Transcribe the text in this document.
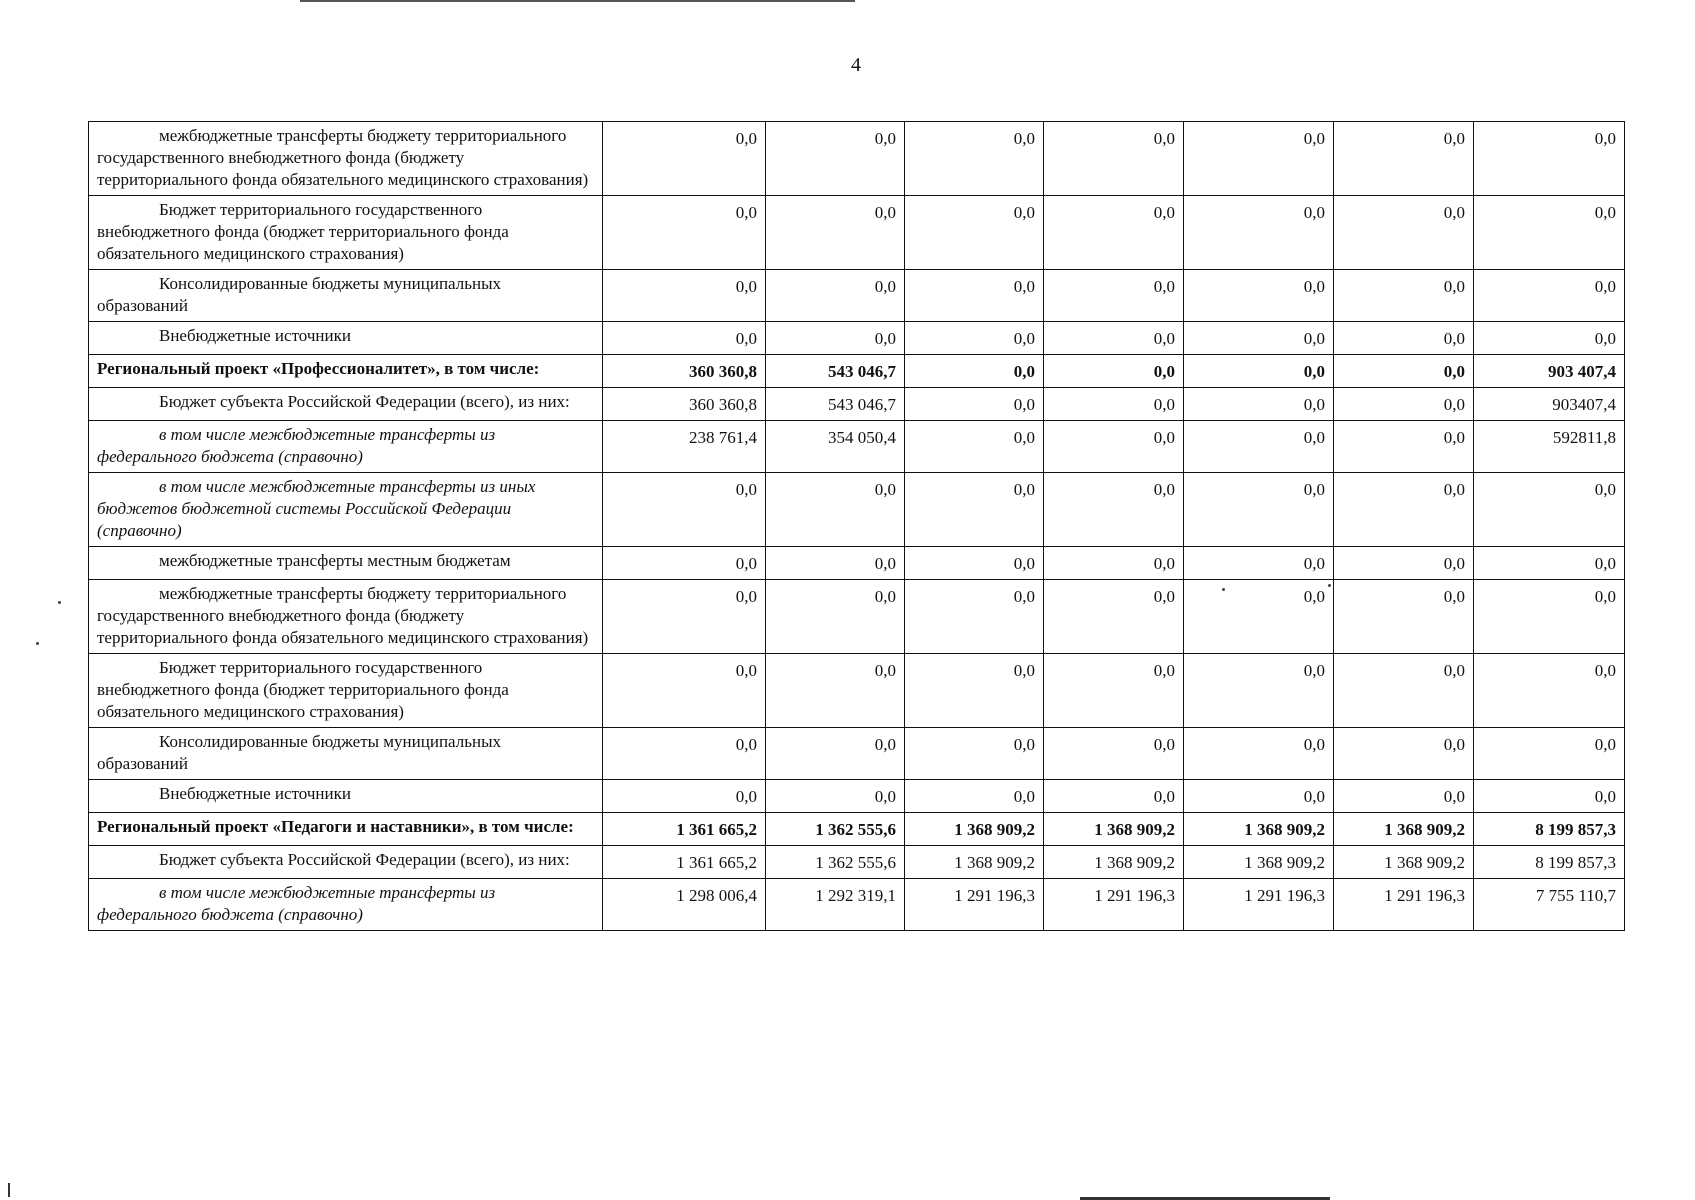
4
межбюджетные трансферты бюджету территориального государственного внебюджетного фонда (бюджету территориального фонда обязательного медицинского страхования)	0,0	0,0	0,0	0,0	0,0	0,0	0,0

Бюджет территориального государственного внебюджетного фонда (бюджет территориального фонда обязательного медицинского страхования)	0,0	0,0	0,0	0,0	0,0	0,0	0,0

Консолидированные бюджеты муниципальных образований	0,0	0,0	0,0	0,0	0,0	0,0	0,0

Внебюджетные источники	0,0	0,0	0,0	0,0	0,0	0,0	0,0

Региональный проект «Профессионалитет», в том числе:	360 360,8	543 046,7	0,0	0,0	0,0	0,0	903 407,4

Бюджет субъекта Российской Федерации (всего), из них:	360 360,8	543 046,7	0,0	0,0	0,0	0,0	903407,4

в том числе межбюджетные трансферты из федерального бюджета (справочно)	238 761,4	354 050,4	0,0	0,0	0,0	0,0	592811,8

в том числе межбюджетные трансферты из иных бюджетов бюджетной системы Российской Федерации (справочно)	0,0	0,0	0,0	0,0	0,0	0,0	0,0

межбюджетные трансферты местным бюджетам	0,0	0,0	0,0	0,0	0,0	0,0	0,0

межбюджетные трансферты бюджету территориального государственного внебюджетного фонда (бюджету территориального фонда обязательного медицинского страхования)	0,0	0,0	0,0	0,0	0,0	0,0	0,0

Бюджет территориального государственного внебюджетного фонда (бюджет территориального фонда обязательного медицинского страхования)	0,0	0,0	0,0	0,0	0,0	0,0	0,0

Консолидированные бюджеты муниципальных образований	0,0	0,0	0,0	0,0	0,0	0,0	0,0

Внебюджетные источники	0,0	0,0	0,0	0,0	0,0	0,0	0,0

Региональный проект «Педагоги и наставники», в том числе:	1 361 665,2	1 362 555,6	1 368 909,2	1 368 909,2	1 368 909,2	1 368 909,2	8 199 857,3

Бюджет субъекта Российской Федерации (всего), из них:	1 361 665,2	1 362 555,6	1 368 909,2	1 368 909,2	1 368 909,2	1 368 909,2	8 199 857,3

в том числе межбюджетные трансферты из федерального бюджета (справочно)	1 298 006,4	1 292 319,1	1 291 196,3	1 291 196,3	1 291 196,3	1 291 196,3	7 755 110,7
